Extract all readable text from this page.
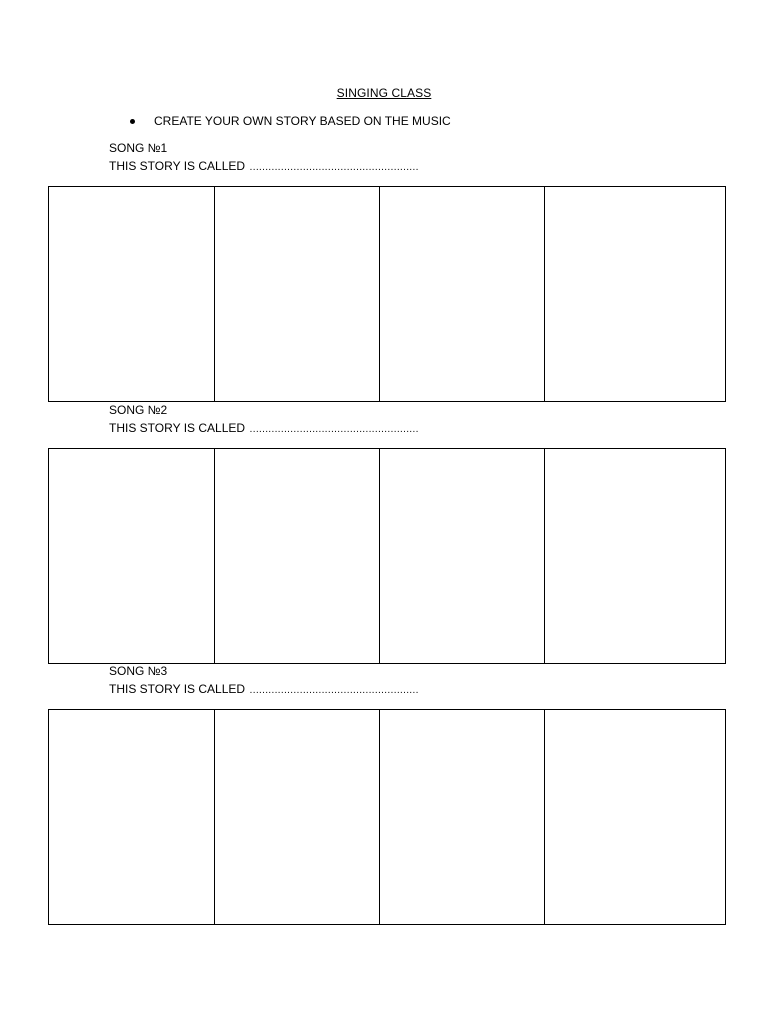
SINGING CLASS
CREATE YOUR OWN STORY BASED ON THE MUSIC
SONG №1
THIS STORY IS CALLED ………………………………………………
SONG №2
THIS STORY IS CALLED ………………………………………………
SONG №3
THIS STORY IS CALLED ………………………………………………
